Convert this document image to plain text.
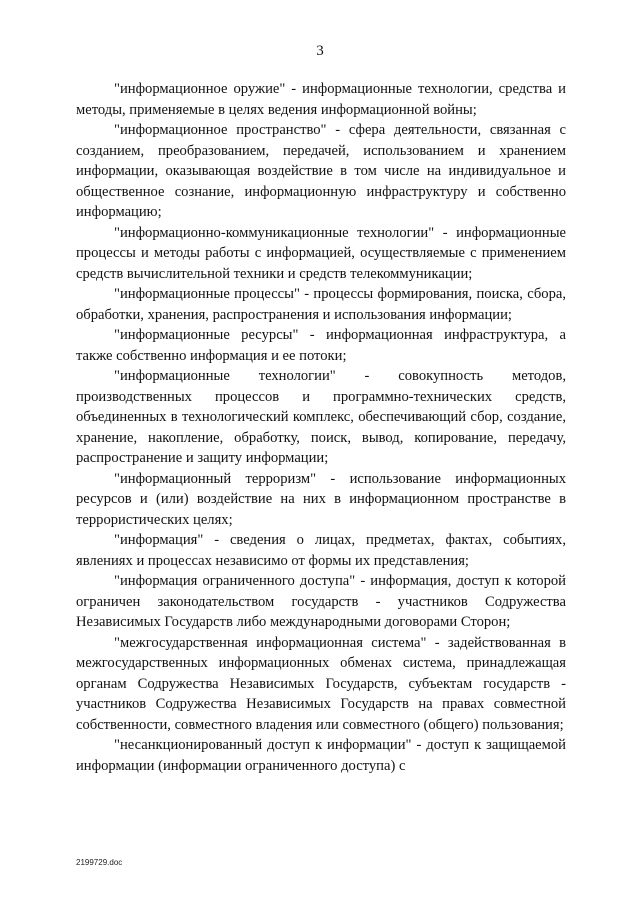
3

"информационное оружие" - информационные технологии, средства и методы, применяемые в целях ведения информационной войны;

"информационное пространство" - сфера деятельности, связанная с созданием, преобразованием, передачей, использованием и хранением информации, оказывающая воздействие в том числе на индивидуальное и общественное сознание, информационную инфраструктуру и собственно информацию;

"информационно-коммуникационные технологии" - информационные процессы и методы работы с информацией, осуществляемые с применением средств вычислительной техники и средств телекоммуникации;

"информационные процессы" - процессы формирования, поиска, сбора, обработки, хранения, распространения и использования информации;

"информационные ресурсы" - информационная инфраструктура, а также собственно информация и ее потоки;

"информационные технологии" - совокупность методов, производственных процессов и программно-технических средств, объединенных в технологический комплекс, обеспечивающий сбор, создание, хранение, накопление, обработку, поиск, вывод, копирование, передачу, распространение и защиту информации;

"информационный терроризм" - использование информационных ресурсов и (или) воздействие на них в информационном пространстве в террористических целях;

"информация" - сведения о лицах, предметах, фактах, событиях, явлениях и процессах независимо от формы их представления;

"информация ограниченного доступа" - информация, доступ к которой ограничен законодательством государств - участников Содружества Независимых Государств либо международными договорами Сторон;

"межгосударственная информационная система" - задействованная в межгосударственных информационных обменах система, принадлежащая органам Содружества Независимых Государств, субъектам государств - участников Содружества Независимых Государств на правах совместной собственности, совместного владения или совместного (общего) пользования;

"несанкционированный доступ к информации" - доступ к защищаемой информации (информации ограниченного доступа) с

2199729.doc
